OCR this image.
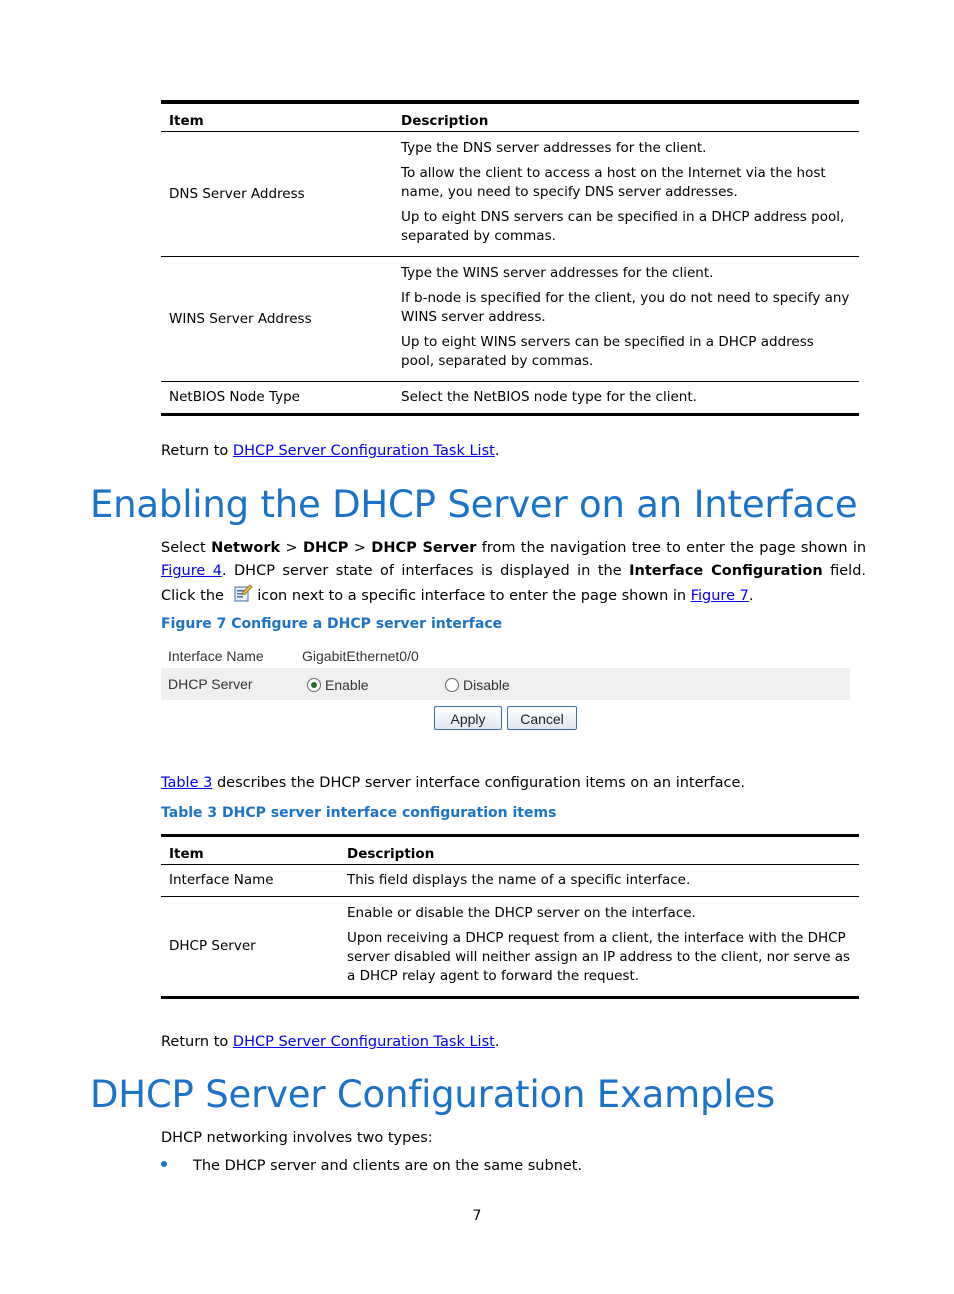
Item	Description
DNS Server Address	Type the DNS server addresses for the client.

To allow the client to access a host on the Internet via the host name, you need to specify DNS server addresses.

Up to eight DNS servers can be specified in a DHCP address pool, separated by commas.

WINS Server Address	Type the WINS server addresses for the client.

If b-node is specified for the client, you do not need to specify any WINS server address.

Up to eight WINS servers can be specified in a DHCP address pool, separated by commas.

NetBIOS Node Type	Select the NetBIOS node type for the client.

Return to DHCP Server Configuration Task List.
Enabling the DHCP Server on an Interface
Select Network > DHCP > DHCP Server from the navigation tree to enter the page shown in Figure 4. DHCP server state of interfaces is displayed in the Interface Configuration field. Click the icon next to a specific interface to enter the page shown in Figure 7.
Figure 7 Configure a DHCP server interface
Interface Name	GigabitEthernet0/0
DHCP Server	Enable	Disable
Apply	Cancel
Table 3 describes the DHCP server interface configuration items on an interface.
Table 3 DHCP server interface configuration items
Item	Description
Interface Name	This field displays the name of a specific interface.

DHCP Server	Enable or disable the DHCP server on the interface.

Upon receiving a DHCP request from a client, the interface with the DHCP server disabled will neither assign an IP address to the client, nor serve as a DHCP relay agent to forward the request.

Return to DHCP Server Configuration Task List.
DHCP Server Configuration Examples
DHCP networking involves two types:
The DHCP server and clients are on the same subnet.
7
